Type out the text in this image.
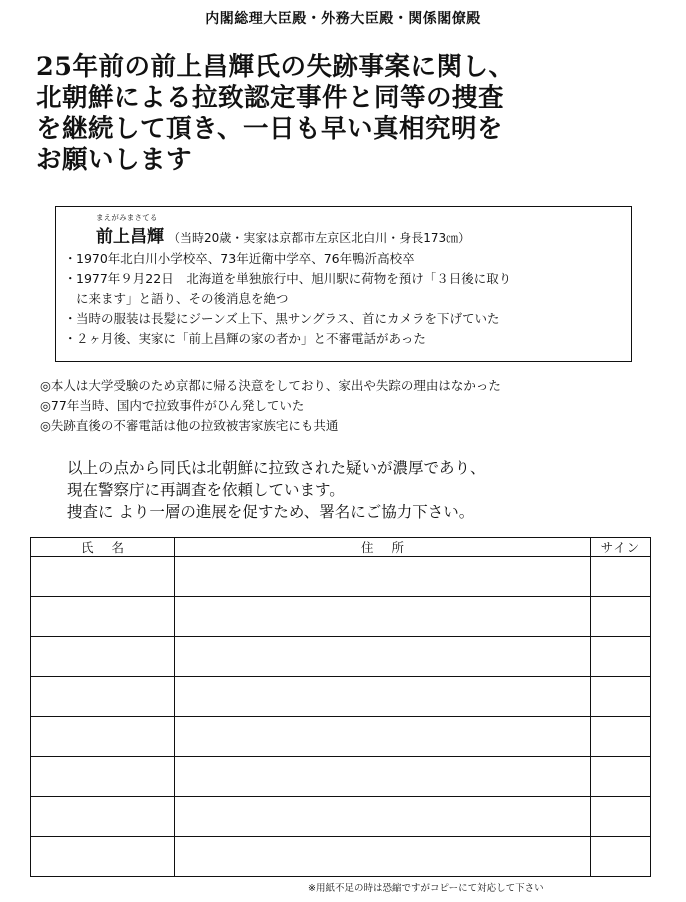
内閣総理大臣殿・外務大臣殿・関係閣僚殿
25年前の前上昌輝氏の失跡事案に関し、
北朝鮮による拉致認定事件と同等の捜査
を継続して頂き、一日も早い真相究明を
お願いします
まえがみまさてる
前上昌輝 （当時20歳・実家は京都市左京区北白川・身長173㎝）
・ 1970年北白川小学校卒、73年近衛中学卒、76年鴨沂高校卒
・ 1977年９月22日　北海道を単独旅行中、旭川駅に荷物を預け「３日後に取り
に来ます」と語り、その後消息を絶つ
・ 当時の服装は長髪にジーンズ上下、黒サングラス、首にカメラを下げていた
・ ２ヶ月後、実家に「前上昌輝の家の者か」と不審電話があった
◎本人は大学受験のため京都に帰る決意をしており、家出や失踪の理由はなかった
◎77年当時、国内で拉致事件がひん発していた
◎失跡直後の不審電話は他の拉致被害家族宅にも共通
以上の点から同氏は北朝鮮に拉致された疑いが濃厚であり、
現在警察庁に再調査を依頼しています。
捜査に より一層の進展を促すため、署名にご協力下さい。
氏名	住所	サイン

※用紙不足の時は恐縮ですがコピーにて対応して下さい
